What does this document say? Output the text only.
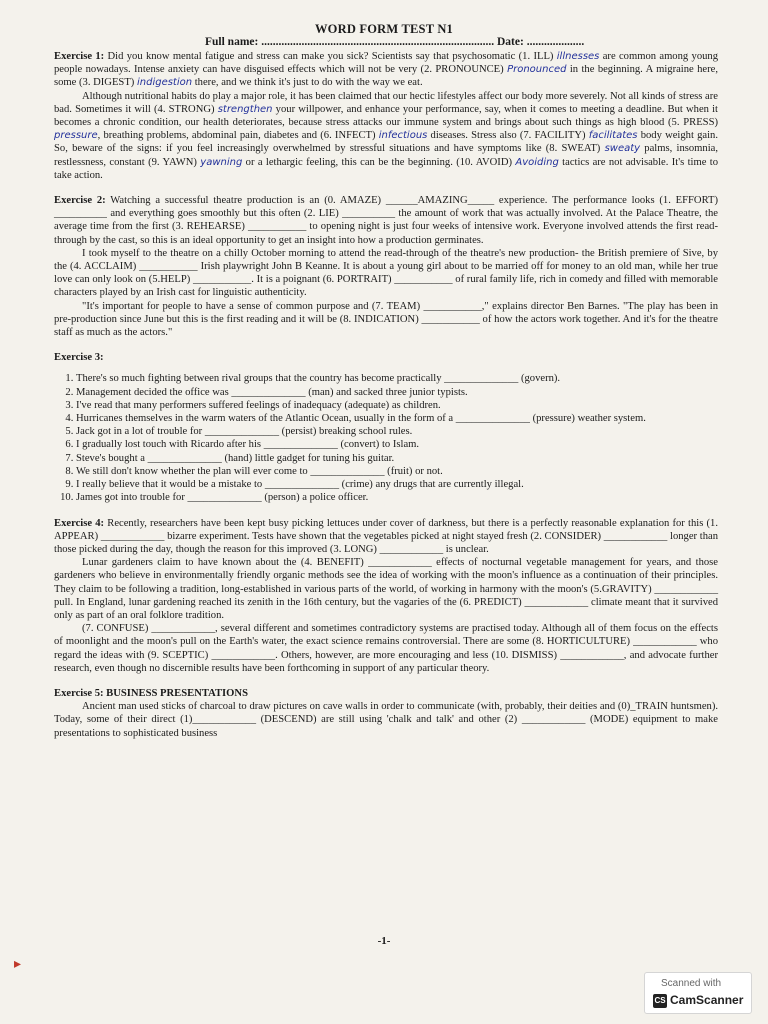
WORD FORM TEST N1
Full name: ................................................................................. Date: ....................

Exercise 1: Did you know mental fatigue and stress can make you sick? Scientists say that psychosomatic (1. ILL) illnesses are common among young people nowadays. Intense anxiety can have disguised effects which will not be very (2. PRONOUNCE) Pronounced in the beginning. A migraine here, some (3. DIGEST) indigestion there, and we think it's just to do with the way we eat.

Although nutritional habits do play a major role, it has been claimed that our hectic lifestyles affect our body more severely. Not all kinds of stress are bad. Sometimes it will (4. STRONG) strengthen your willpower, and enhance your performance, say, when it comes to meeting a deadline. But when it becomes a chronic condition, our health deteriorates, because stress attacks our immune system and brings about such things as high blood (5. PRESS) pressure, breathing problems, abdominal pain, diabetes and (6. INFECT) infectious diseases. Stress also (7. FACILITY) facilitates body weight gain. So, beware of the signs: if you feel increasingly overwhelmed by stressful situations and have symptoms like (8. SWEAT) sweaty palms, insomnia, restlessness, constant (9. YAWN) yawning or a lethargic feeling, this can be the beginning. (10. AVOID) Avoiding tactics are not advisable. It's time to take action.

Exercise 2: Watching a successful theatre production is an (0. AMAZE) ______AMAZING_____ experience. The performance looks (1. EFFORT) __________ and everything goes smoothly but this often (2. LIE) __________ the amount of work that was actually involved. At the Palace Theatre, the average time from the first (3. REHEARSE) ___________ to opening night is just four weeks of intensive work. Everyone involved attends the first read-through by the cast, so this is an ideal opportunity to get an insight into how a production germinates.

I took myself to the theatre on a chilly October morning to attend the read-through of the theatre's new production- the British premiere of Sive, by the (4. ACCLAIM) ___________ Irish playwright John B Keanne. It is about a young girl about to be married off for money to an old man, while her true love can only look on (5.HELP) ___________. It is a poignant (6. PORTRAIT) ___________ of rural family life, rich in comedy and filled with memorable characters played by an Irish cast for linguistic authenticity.

"It's important for people to have a sense of common purpose and (7. TEAM) ___________," explains director Ben Barnes. "The play has been in pre-production since June but this is the first reading and it will be (8. INDICATION) ___________ of how the actors work together. And it's for the theatre staff as much as the actors."

Exercise 3:

1. There's so much fighting between rival groups that the country has become practically ______________ (govern).
2. Management decided the office was ______________ (man) and sacked three junior typists.
3. I've read that many performers suffered feelings of inadequacy (adequate) as children.
4. Hurricanes themselves in the warm waters of the Atlantic Ocean, usually in the form of a ______________ (pressure) weather system.
5. Jack got in a lot of trouble for ______________ (persist) breaking school rules.
6. I gradually lost touch with Ricardo after his ______________ (convert) to Islam.
7. Steve's bought a ______________ (hand) little gadget for tuning his guitar.
8. We still don't know whether the plan will ever come to ______________ (fruit) or not.
9. I really believe that it would be a mistake to ______________ (crime) any drugs that are currently illegal.
10. James got into trouble for ______________ (person) a police officer.

Exercise 4: Recently, researchers have been kept busy picking lettuces under cover of darkness, but there is a perfectly reasonable explanation for this (1. APPEAR) ____________ bizarre experiment. Tests have shown that the vegetables picked at night stayed fresh (2. CONSIDER) ____________ longer than those picked during the day, though the reason for this improved (3. LONG) ____________ is unclear.

Lunar gardeners claim to have known about the (4. BENEFIT) ____________ effects of nocturnal vegetable management for years, and those gardeners who believe in environmentally friendly organic methods see the idea of working with the moon's influence as a continuation of their principles. They claim to be following a tradition, long-established in various parts of the world, of working in harmony with the moon's (5.GRAVITY) ____________ pull. In England, lunar gardening reached its zenith in the 16th century, but the vagaries of the (6. PREDICT) ____________ climate meant that it survived only as part of an oral folklore tradition.

(7. CONFUSE) ____________, several different and sometimes contradictory systems are practised today. Although all of them focus on the effects of moonlight and the moon's pull on the Earth's water, the exact science remains controversial. There are some (8. HORTICULTURE) ____________ who regard the ideas with (9. SCEPTIC) ____________. Others, however, are more encouraging and less (10. DISMISS) ____________, and advocate further research, even though no discernible results have been forthcoming in support of any particular theory.

Exercise 5: BUSINESS PRESENTATIONS

Ancient man used sticks of charcoal to draw pictures on cave walls in order to communicate (with, probably, their deities and (0)_TRAIN huntsmen). Today, some of their direct (1)____________ (DESCEND) are still using 'chalk and talk' and other (2) ____________ (MODE) equipment to make presentations to sophisticated business

-1-
▸
Scanned with
CS CamScanner
